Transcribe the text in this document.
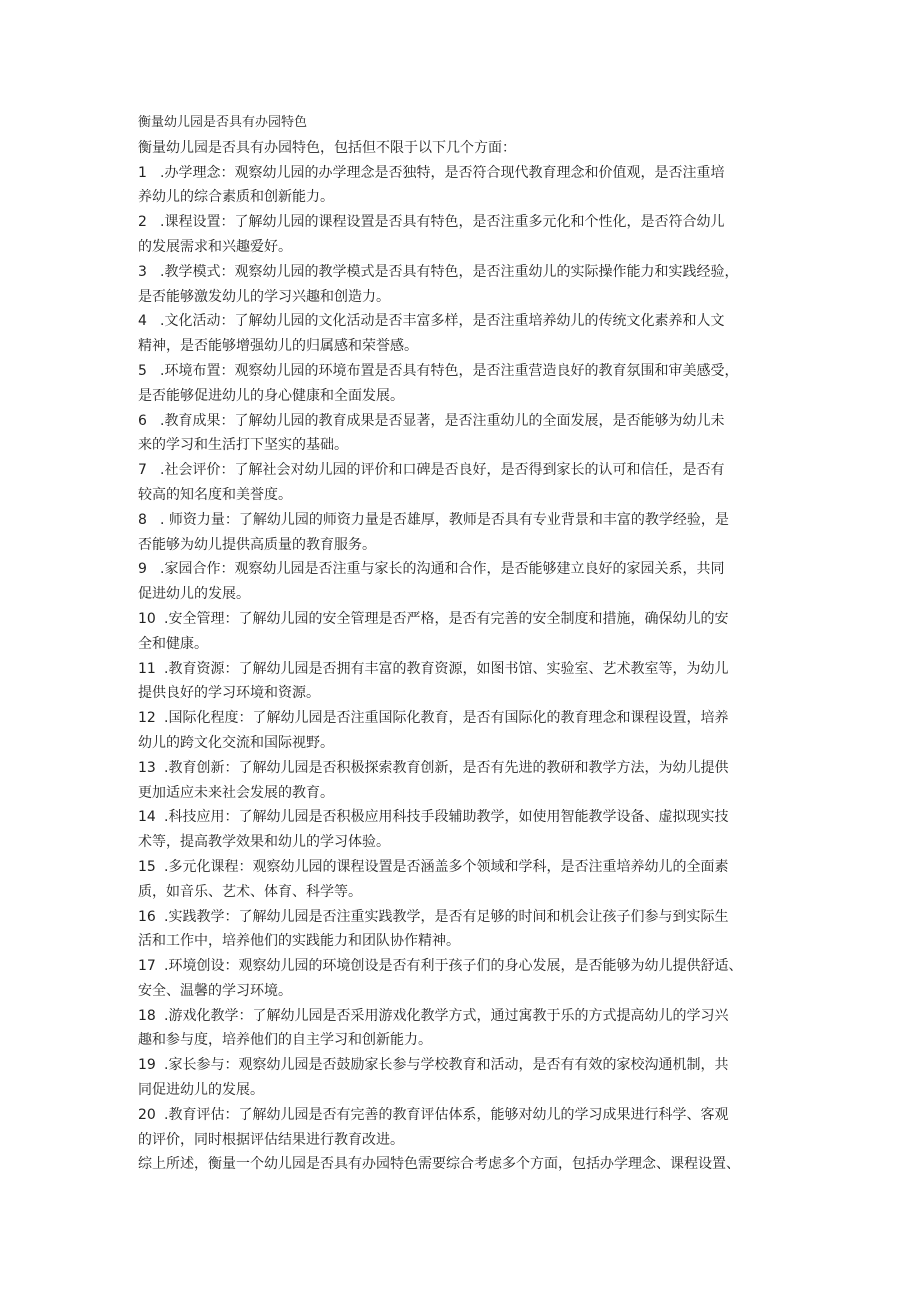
衡量幼儿园是否具有办园特色
衡量幼儿园是否具有办园特色，包括但不限于以下几个方面：
1 .办学理念：观察幼儿园的办学理念是否独特，是否符合现代教育理念和价值观，是否注重培
养幼儿的综合素质和创新能力。
2 .课程设置：了解幼儿园的课程设置是否具有特色，是否注重多元化和个性化，是否符合幼儿
的发展需求和兴趣爱好。
3 .教学模式：观察幼儿园的教学模式是否具有特色，是否注重幼儿的实际操作能力和实践经验，
是否能够激发幼儿的学习兴趣和创造力。
4 .文化活动：了解幼儿园的文化活动是否丰富多样，是否注重培养幼儿的传统文化素养和人文
精神，是否能够增强幼儿的归属感和荣誉感。
5 .环境布置：观察幼儿园的环境布置是否具有特色，是否注重营造良好的教育氛围和审美感受，
是否能够促进幼儿的身心健康和全面发展。
6 .教育成果：了解幼儿园的教育成果是否显著，是否注重幼儿的全面发展，是否能够为幼儿未
来的学习和生活打下坚实的基础。
7 .社会评价：了解社会对幼儿园的评价和口碑是否良好，是否得到家长的认可和信任，是否有
较高的知名度和美誉度。
8 . 师资力量：了解幼儿园的师资力量是否雄厚，教师是否具有专业背景和丰富的教学经验，是
否能够为幼儿提供高质量的教育服务。
9 .家园合作：观察幼儿园是否注重与家长的沟通和合作，是否能够建立良好的家园关系，共同
促进幼儿的发展。
10 .安全管理：了解幼儿园的安全管理是否严格，是否有完善的安全制度和措施，确保幼儿的安
全和健康。
11 .教育资源：了解幼儿园是否拥有丰富的教育资源，如图书馆、实验室、艺术教室等，为幼儿
提供良好的学习环境和资源。
12 .国际化程度：了解幼儿园是否注重国际化教育，是否有国际化的教育理念和课程设置，培养
幼儿的跨文化交流和国际视野。
13 .教育创新：了解幼儿园是否积极探索教育创新，是否有先进的教研和教学方法，为幼儿提供
更加适应未来社会发展的教育。
14 .科技应用：了解幼儿园是否积极应用科技手段辅助教学，如使用智能教学设备、虚拟现实技
术等，提高教学效果和幼儿的学习体验。
15 .多元化课程：观察幼儿园的课程设置是否涵盖多个领域和学科，是否注重培养幼儿的全面素
质，如音乐、艺术、体育、科学等。
16 .实践教学：了解幼儿园是否注重实践教学，是否有足够的时间和机会让孩子们参与到实际生
活和工作中，培养他们的实践能力和团队协作精神。
17 .环境创设：观察幼儿园的环境创设是否有利于孩子们的身心发展，是否能够为幼儿提供舒适、
安全、温馨的学习环境。
18 .游戏化教学：了解幼儿园是否采用游戏化教学方式，通过寓教于乐的方式提高幼儿的学习兴
趣和参与度，培养他们的自主学习和创新能力。
19 .家长参与：观察幼儿园是否鼓励家长参与学校教育和活动，是否有有效的家校沟通机制，共
同促进幼儿的发展。
20 .教育评估：了解幼儿园是否有完善的教育评估体系，能够对幼儿的学习成果进行科学、客观
的评价，同时根据评估结果进行教育改进。
综上所述，衡量一个幼儿园是否具有办园特色需要综合考虑多个方面，包括办学理念、课程设置、
